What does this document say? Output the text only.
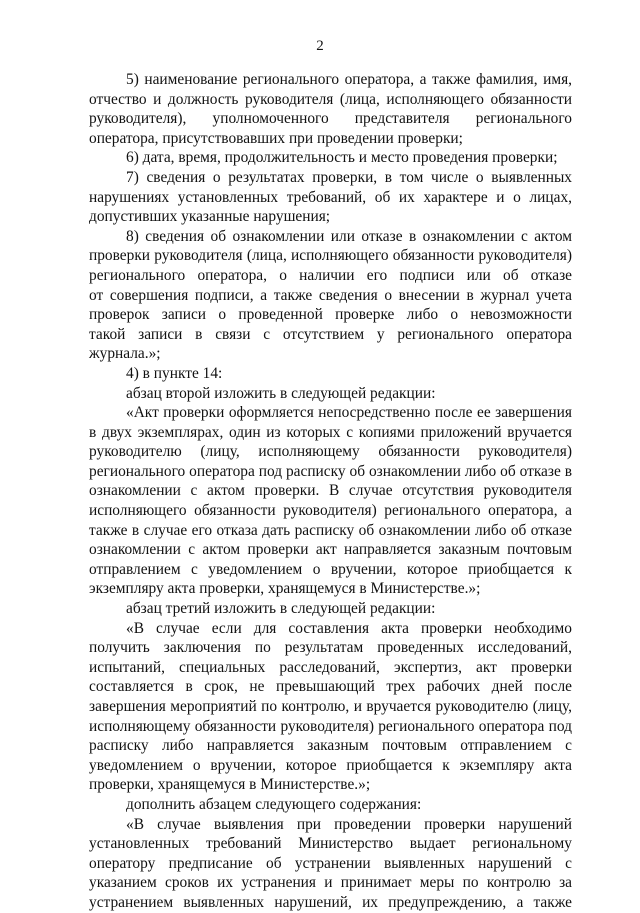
2
5) наименование регионального оператора, а также фамилия, имя,
отчество и должность руководителя (лица, исполняющего обязанности
руководителя), уполномоченного представителя регионального
оператора, присутствовавших при проведении проверки;
6) дата, время, продолжительность и место проведения проверки;
7) сведения о результатах проверки, в том числе о выявленных
нарушениях установленных требований, об их характере и о лицах,
допустивших указанные нарушения;
8) сведения об ознакомлении или отказе в ознакомлении с актом
проверки руководителя (лица, исполняющего обязанности руководителя)
регионального оператора, о наличии его подписи или об отказе
от совершения подписи, а также сведения о внесении в журнал учета
проверок записи о проведенной проверке либо о невозможности
такой записи в связи с отсутствием у регионального оператора
журнала.»;
4) в пункте 14:
абзац второй изложить в следующей редакции:
«Акт проверки оформляется непосредственно после ее завершения
в двух экземплярах, один из которых с копиями приложений вручается
руководителю (лицу, исполняющему обязанности руководителя)
регионального оператора под расписку об ознакомлении либо об отказе в
ознакомлении с актом проверки. В случае отсутствия руководителя
исполняющего обязанности руководителя) регионального оператора, а
также в случае его отказа дать расписку об ознакомлении либо об отказе
ознакомлении с актом проверки акт направляется заказным почтовым
отправлением с уведомлением о вручении, которое приобщается к
экземпляру акта проверки, хранящемуся в Министерстве.»;
абзац третий изложить в следующей редакции:
«В случае если для составления акта проверки необходимо
получить заключения по результатам проведенных исследований,
испытаний, специальных расследований, экспертиз, акт проверки
составляется в срок, не превышающий трех рабочих дней после
завершения мероприятий по контролю, и вручается руководителю (лицу,
исполняющему обязанности руководителя) регионального оператора под
расписку либо направляется заказным почтовым отправлением с
уведомлением о вручении, которое приобщается к экземпляру акта
проверки, хранящемуся в Министерстве.»;
дополнить абзацем следующего содержания:
«В случае выявления при проведении проверки нарушений
установленных требований Министерство выдает региональному
оператору предписание об устранении выявленных нарушений с
указанием сроков их устранения и принимает меры по контролю за
устранением выявленных нарушений, их предупреждению, а также
